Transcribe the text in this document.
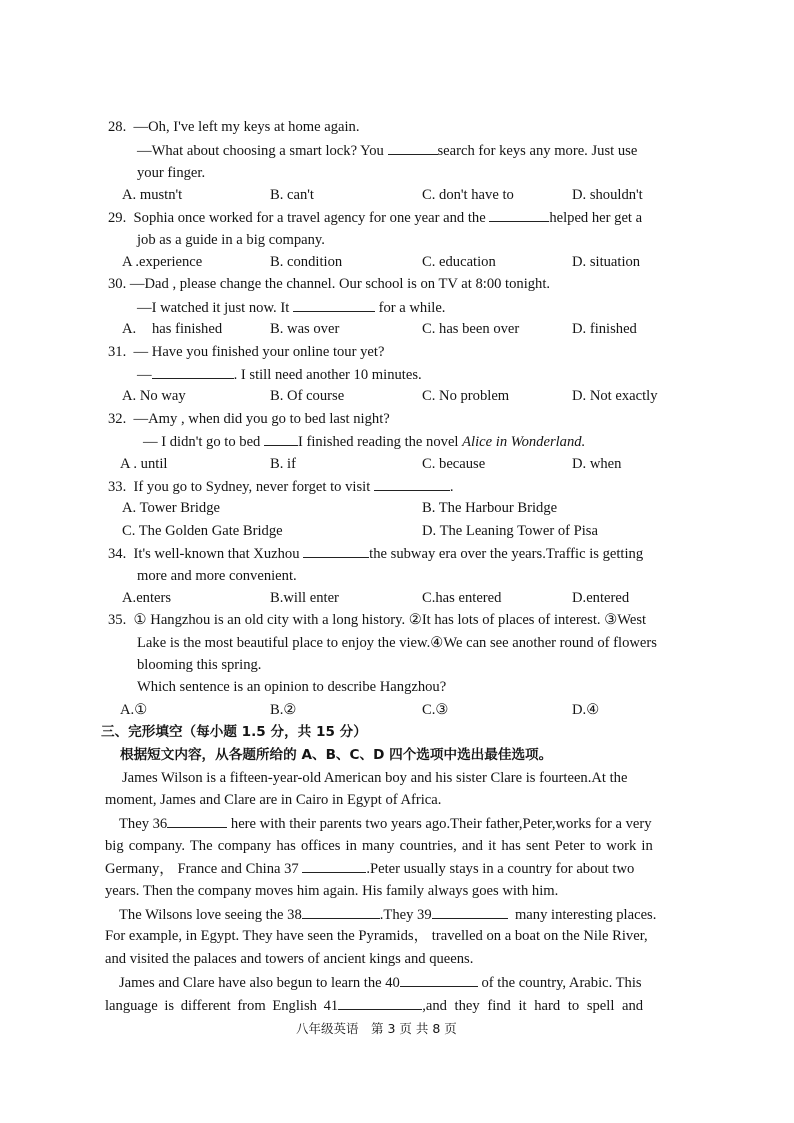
28. —Oh, I've left my keys at home again.
—What about choosing a smart lock? You	search for keys any more. Just use
your finger.
A. mustn't	B. can't	C. don't have to	D. shouldn't
29. Sophia once worked for a travel agency for one year and the	helped her get a
job as a guide in a big company.
A .experience	B. condition	C. education	D. situation
30. —Dad , please change the channel. Our school is on TV at 8:00 tonight.
—I watched it just now. It	for a while.
A. has finished	B. was over	C. has been over	D. finished
31. — Have you finished your online tour yet?
—	. I still need another 10 minutes.
A. No way	B. Of course	C. No problem	D. Not exactly
32. —Amy , when did you go to bed last night?
— I didn't go to bed	I finished reading the novel Alice in Wonderland.
A . until	B. if	C. because	D. when
33. If you go to Sydney, never forget to visit	.
A. Tower Bridge	B. The Harbour Bridge
C. The Golden Gate Bridge	D. The Leaning Tower of Pisa
34. It's well-known that Xuzhou	the subway era over the years.Traffic is getting
more and more convenient.
A.enters	B.will enter	C.has entered	D.entered
35. ① Hangzhou is an old city with a long history. ②It has lots of places of interest. ③West
Lake is the most beautiful place to enjoy the view.④We can see another round of flowers
blooming this spring.
Which sentence is an opinion to describe Hangzhou?
A.①	B.②	C.③	D.④
三、完形填空（每小题 1.5 分，共 15 分）
根据短文内容，从各题所给的 A、B、C、D 四个选项中选出最佳选项。
James Wilson is a fifteen-year-old American boy and his sister Clare is fourteen.At the
moment, James and Clare are in Cairo in Egypt of Africa.
They 36	here with their parents two years ago.Their father,Peter,works for a very
big company. The company has offices in many countries, and it has sent Peter to work in
Germany， France and China 37	.Peter usually stays in a country for about two
years. Then the company moves him again. His family always goes with him.
The Wilsons love seeing the 38	.They 39	many interesting places.
For example, in Egypt. They have seen the Pyramids， travelled on a boat on the Nile River,
and visited the palaces and towers of ancient kings and queens.
James and Clare have also begun to learn the 40	of the country, Arabic. This
language is different from English 41	,and they find it hard to spell and
八年级英语　第 3 页 共 8 页
